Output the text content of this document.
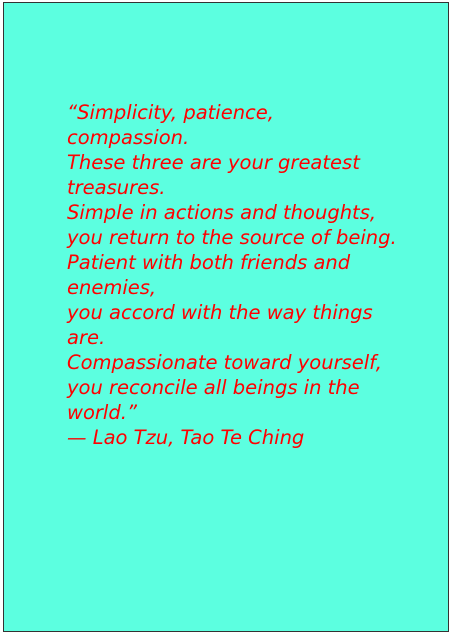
“Simplicity, patience, compassion.
These three are your greatest treasures.
Simple in actions and thoughts, you return to the source of being.
Patient with both friends and enemies,
you accord with the way things are.
Compassionate toward yourself,
you reconcile all beings in the world.”
— Lao Tzu, Tao Te Ching
